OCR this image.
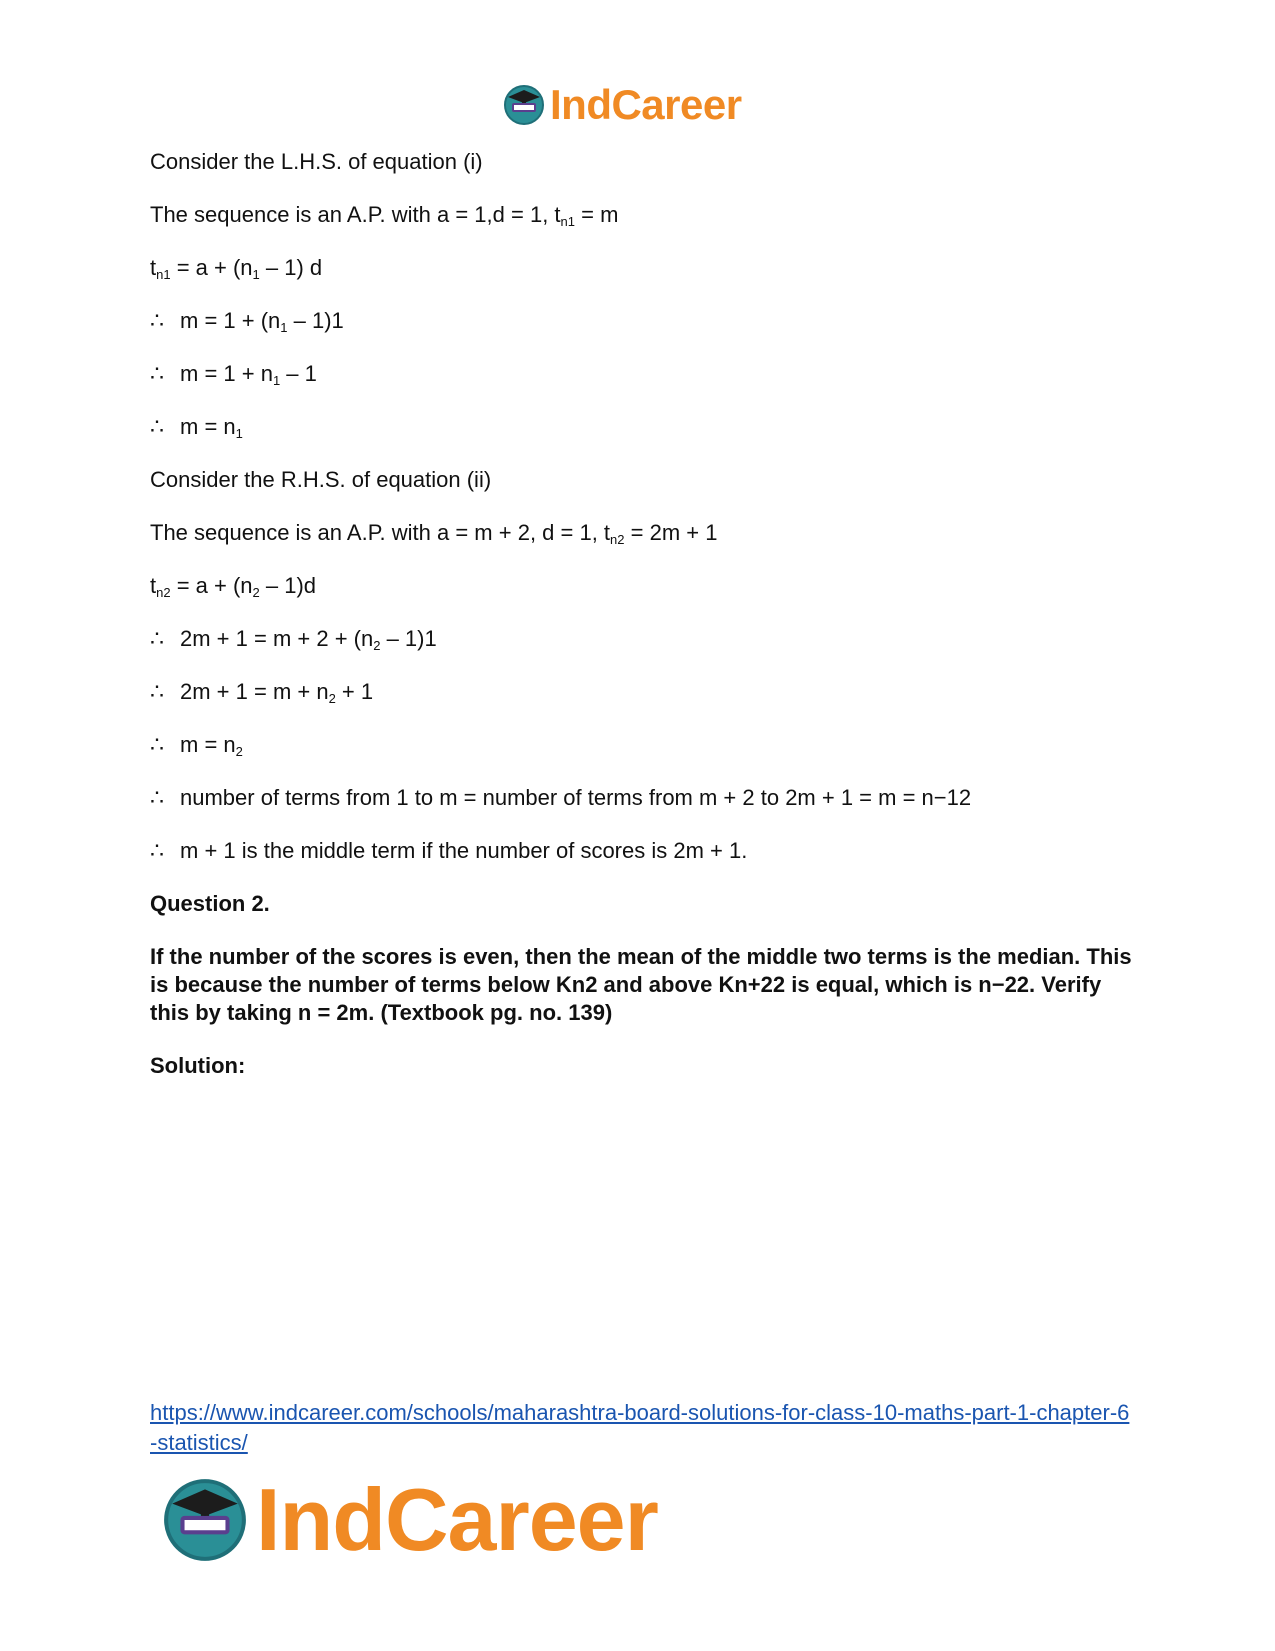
IndCareer
Consider the L.H.S. of equation (i)
The sequence is an A.P. with a = 1,d = 1, $t_{n1} = m$
$t_{n1} = a + (n_1 - 1)$ d
∴ $m = 1 + (n_1 - 1)1$
∴ $m = 1 + n_1 - 1$
∴ $m = n_1$
Consider the R.H.S. of equation (ii)
The sequence is an A.P. with a = m + 2, d = 1, $t_{n2} = 2m + 1$
$t_{n2} = a + (n_2 - 1)d$
∴ $2m + 1 = m + 2 + (n_2 - 1)1$
∴ $2m + 1 = m + n_2 + 1$
∴ $m = n_2$
∴ number of terms from 1 to m = number of terms from m + 2 to 2m + 1 = m = n−12
∴ m + 1 is the middle term if the number of scores is 2m + 1.
Question 2.
If the number of the scores is even, then the mean of the middle two terms is the median. This is because the number of terms below Kn2 and above Kn+22 is equal, which is n−22. Verify this by taking n = 2m. (Textbook pg. no. 139)
Solution:
https://www.indcareer.com/schools/maharashtra-board-solutions-for-class-10-maths-part-1-chapter-6-statistics/
IndCareer
